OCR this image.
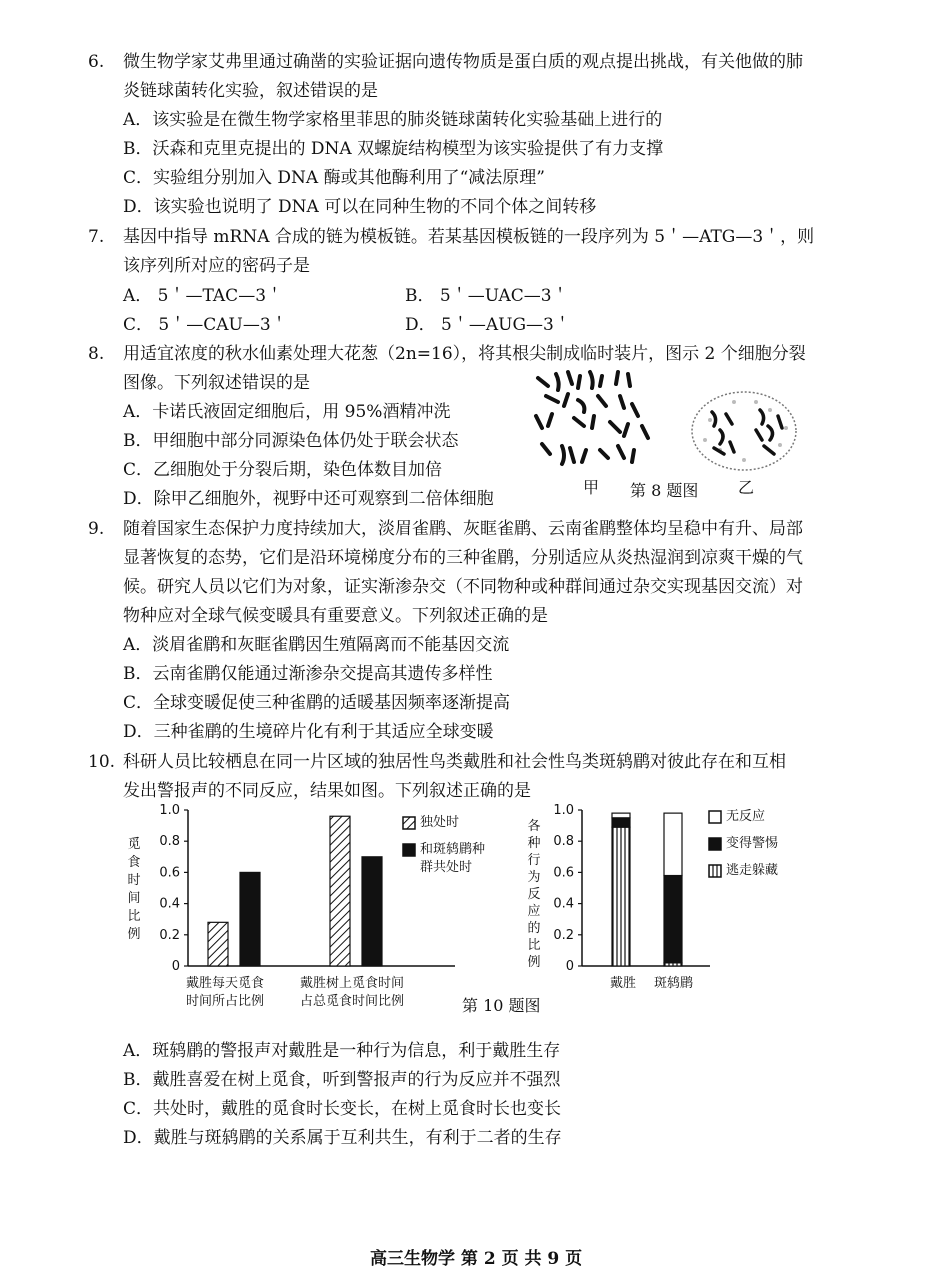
6. 微生物学家艾弗里通过确凿的实验证据向遗传物质是蛋白质的观点提出挑战，有关他做的肺
炎链球菌转化实验，叙述错误的是
A．该实验是在微生物学家格里菲思的肺炎链球菌转化实验基础上进行的
B．沃森和克里克提出的 DNA 双螺旋结构模型为该实验提供了有力支撑
C．实验组分别加入 DNA 酶或其他酶利用了“减法原理”
D．该实验也说明了 DNA 可以在同种生物的不同个体之间转移
7. 基因中指导 mRNA 合成的链为模板链。若某基因模板链的一段序列为 5＇—ATG—3＇，则
该序列所对应的密码子是
A． 5＇—TAC—3＇	B． 5＇—UAC—3＇
C． 5＇—CAU—3＇	D． 5＇—AUG—3＇
8. 用适宜浓度的秋水仙素处理大花葱（2n=16），将其根尖制成临时装片，图示 2 个细胞分裂
图像。下列叙述错误的是
A．卡诺氏液固定细胞后，用 95%酒精冲洗
B．甲细胞中部分同源染色体仍处于联会状态
C．乙细胞处于分裂后期，染色体数目加倍
D．除甲乙细胞外，视野中还可观察到二倍体细胞
甲 第 8 题图 乙
9. 随着国家生态保护力度持续加大，淡眉雀鹛、灰眶雀鹛、云南雀鹛整体均呈稳中有升、局部
显著恢复的态势，它们是沿环境梯度分布的三种雀鹛，分别适应从炎热湿润到凉爽干燥的气
候。研究人员以它们为对象，证实渐渗杂交（不同物种或种群间通过杂交实现基因交流）对
物种应对全球气候变暖具有重要意义。下列叙述正确的是
A．淡眉雀鹛和灰眶雀鹛因生殖隔离而不能基因交流
B．云南雀鹛仅能通过渐渗杂交提高其遗传多样性
C．全球变暖促使三种雀鹛的适暖基因频率逐渐提高
D．三种雀鹛的生境碎片化有利于其适应全球变暖
10. 科研人员比较栖息在同一片区域的独居性鸟类戴胜和社会性鸟类斑鸫鹛对彼此存在和互相
发出警报声的不同反应，结果如图。下列叙述正确的是
0
0.2
0.4
0.6
0.8
1.0
觅食时间比例
戴胜每天觅食
时间所占比例
戴胜树上觅食时间
占总觅食时间比例
独处时
和斑鸫鹛种
群共处时
0
0.2
0.4
0.6
0.8
1.0
各种行为反应的比例
戴胜 斑鸫鹛
无反应
变得警惕
逃走躲藏
第 10 题图
A．斑鸫鹛的警报声对戴胜是一种行为信息，利于戴胜生存
B．戴胜喜爱在树上觅食，听到警报声的行为反应并不强烈
C．共处时，戴胜的觅食时长变长，在树上觅食时长也变长
D．戴胜与斑鸫鹛的关系属于互利共生，有利于二者的生存
高三生物学 第 2 页 共 9 页
